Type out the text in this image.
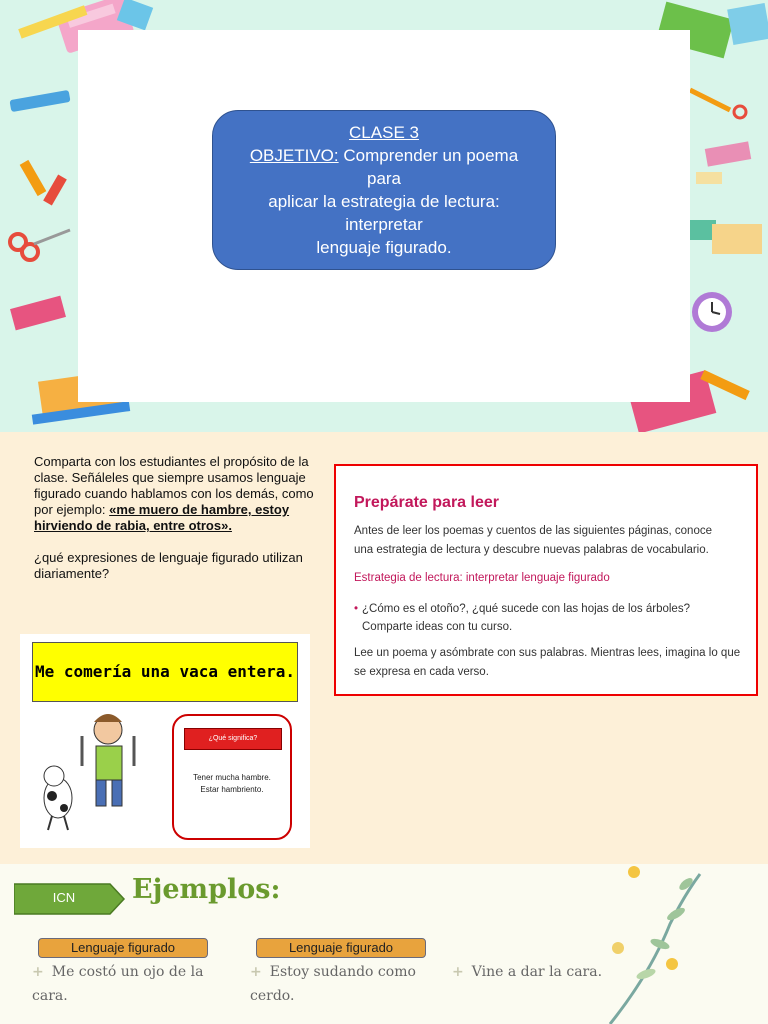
CLASE 3
OBJETIVO: Comprender un poema
para
aplicar la estrategia de lectura:
interpretar
lenguaje figurado.

Comparta con los estudiantes el propósito de la clase. Señáleles que siempre usamos lenguaje figurado cuando hablamos con los demás, como por ejemplo: «me muero de hambre, estoy hirviendo de rabia, entre otros».

¿qué expresiones de lenguaje figurado utilizan diariamente?

Me comería una vaca entera.
¿Qué significa?
Tener mucha hambre.
Estar hambriento.
Prepárate para leer
Antes de leer los poemas y cuentos de las siguientes páginas, conoce una estrategia de lectura y descubre nuevas palabras de vocabulario.
Estrategia de lectura: interpretar lenguaje figurado
• ¿Cómo es el otoño?, ¿qué sucede con las hojas de los árboles?
Comparte ideas con tu curso.
Lee un poema y asómbrate con sus palabras. Mientras lees, imagina lo que se expresa en cada verso.
ICN	Ejemplos:
Lenguaje figurado	Lenguaje figurado
+ Me costó un ojo de la cara.
+ Estoy sudando como cerdo.
+ Vine a dar la cara.
